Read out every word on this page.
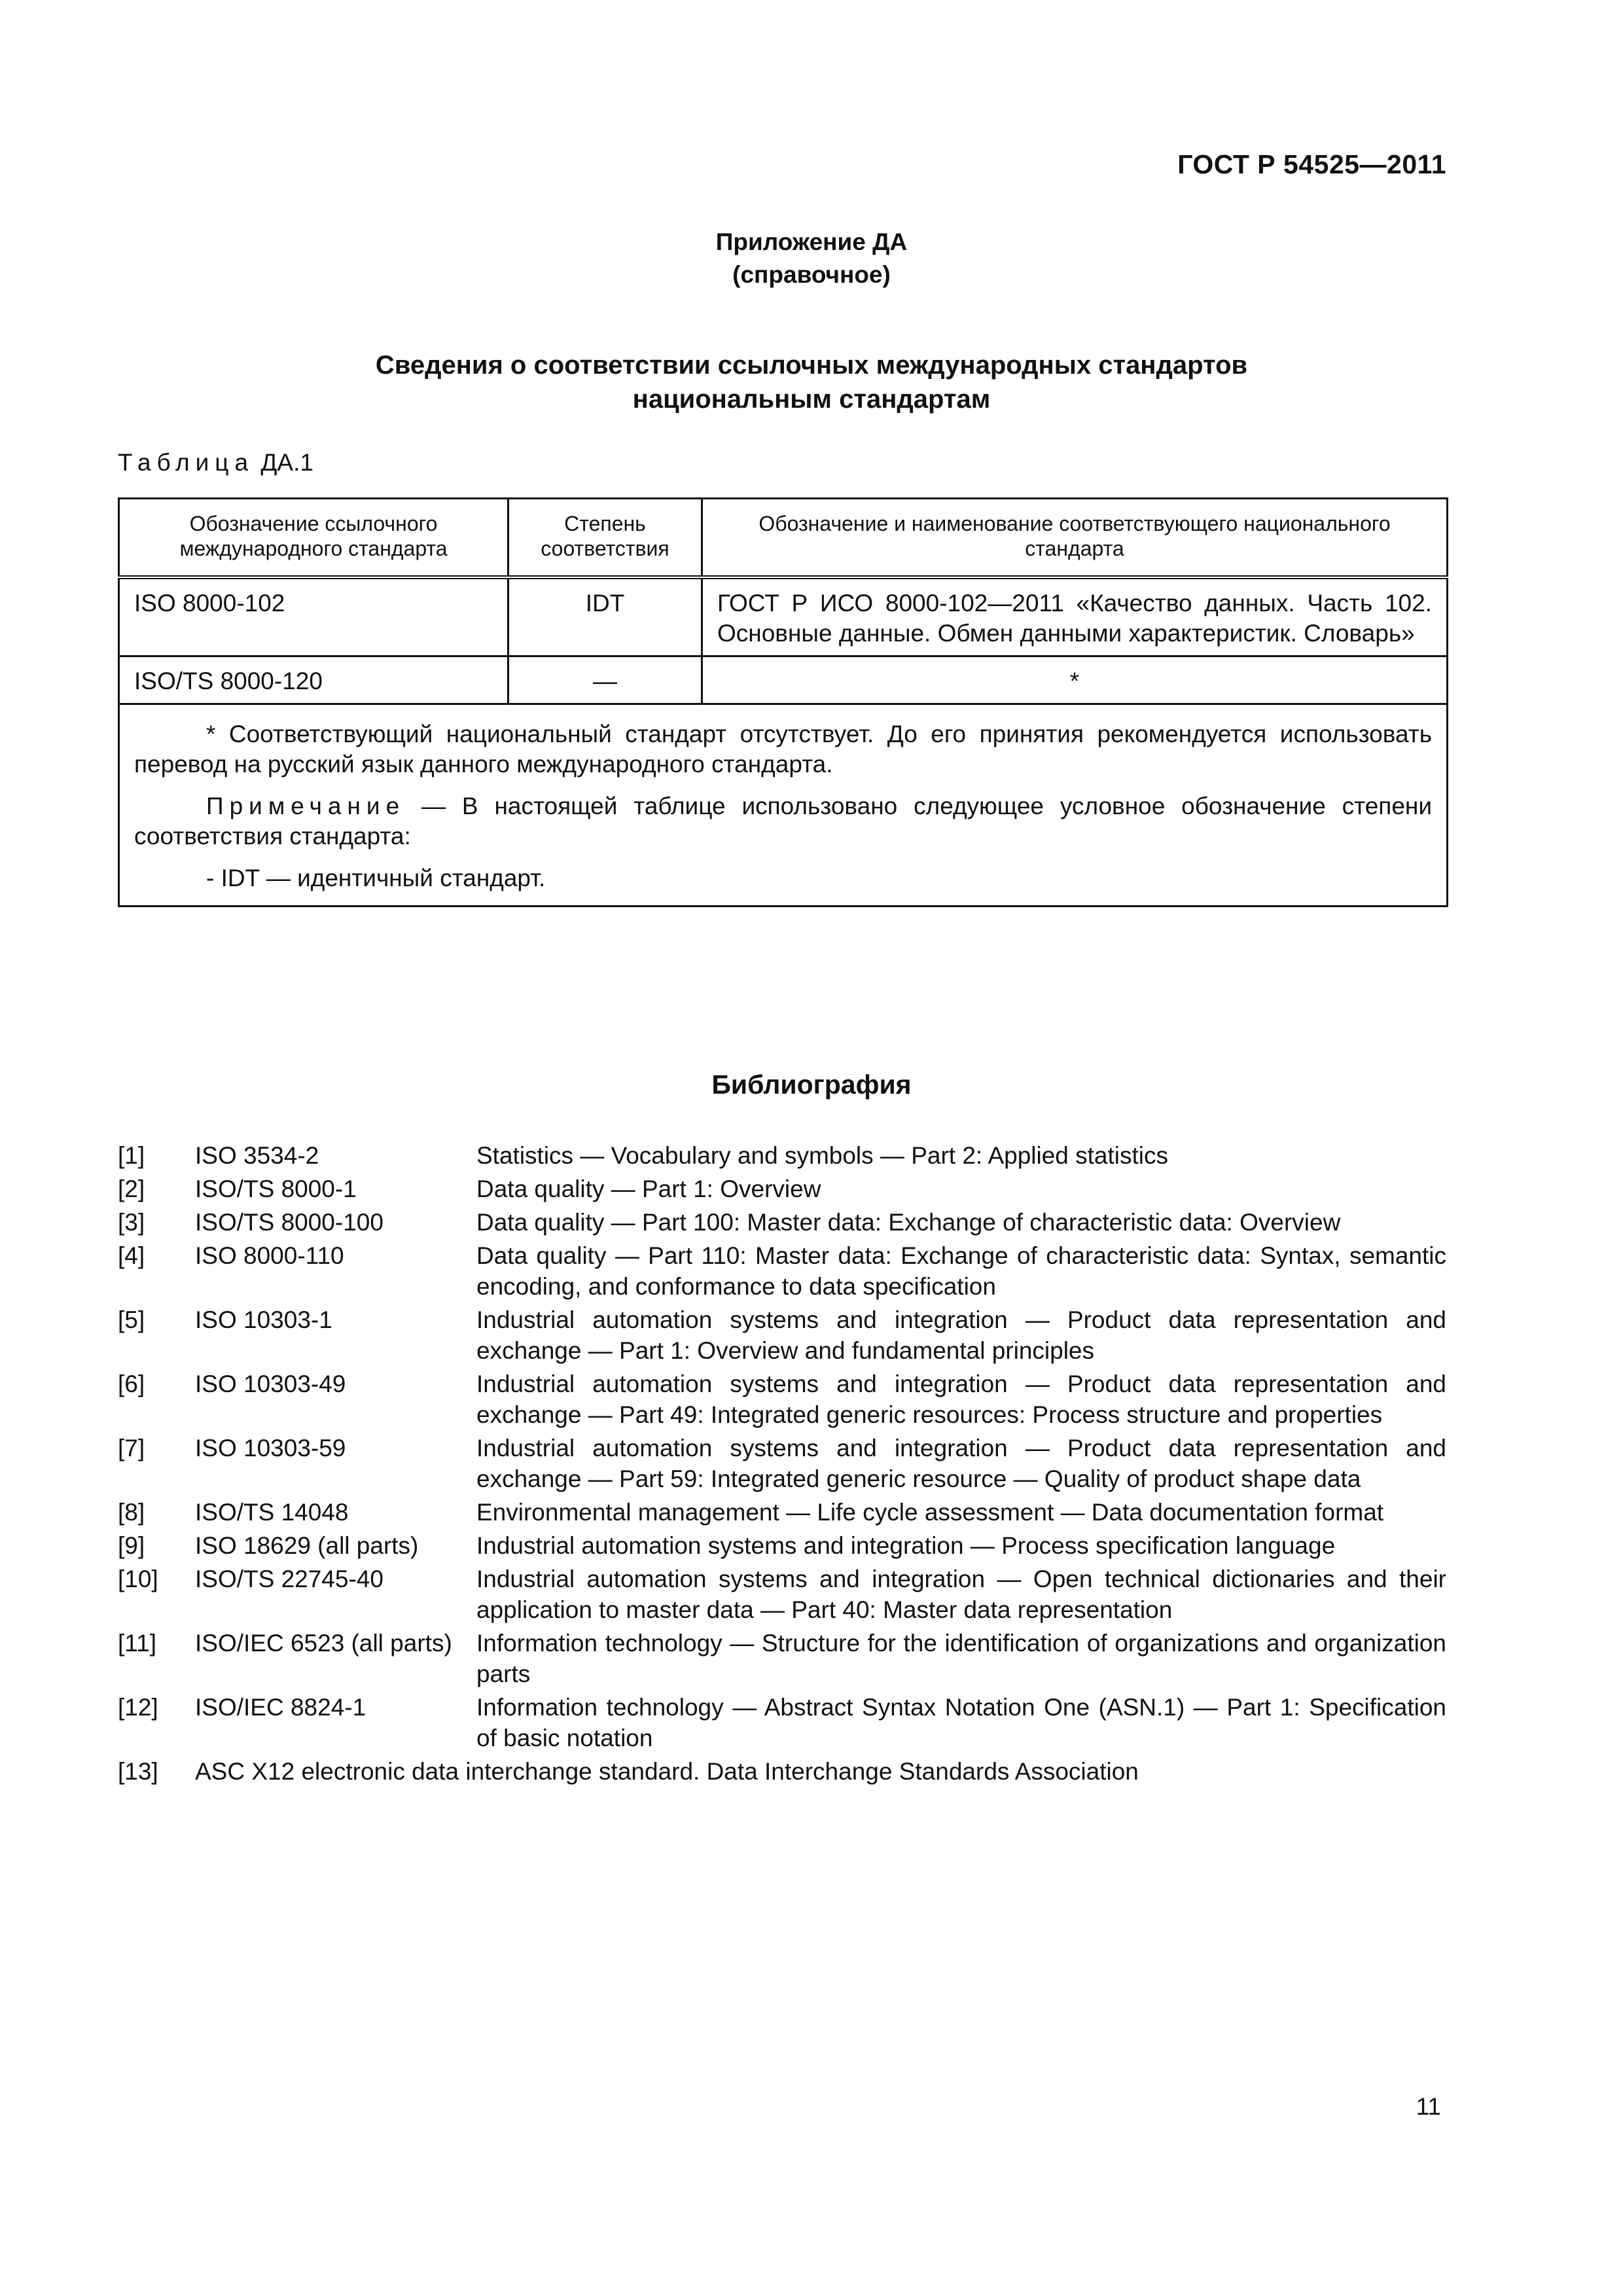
ГОСТ Р 54525—2011
Приложение ДА
(справочное)
Сведения о соответствии ссылочных международных стандартов
национальным стандартам
Таблица ДА.1
Обозначение ссылочного международного стандарта	Степень соответствия	Обозначение и наименование соответствующего национального стандарта
ISO 8000-102	IDT	ГОСТ Р ИСО 8000-102—2011 «Качество данных. Часть 102. Основные данные. Обмен данными характеристик. Словарь»
ISO/TS 8000-120	—	*

* Соответствующий национальный стандарт отсутствует. До его принятия рекомендуется использовать перевод на русский язык данного международного стандарта.

Примечание — В настоящей таблице использовано следующее условное обозначение степени соответствия стандарта:

- IDT — идентичный стандарт.		
Библиография
[1]	ISO 3534-2	Statistics — Vocabulary and symbols — Part 2: Applied statistics
[2]	ISO/TS 8000-1	Data quality — Part 1: Overview
[3]	ISO/TS 8000-100	Data quality — Part 100: Master data: Exchange of characteristic data: Overview
[4]	ISO 8000-110	Data quality — Part 110: Master data: Exchange of characteristic data: Syntax, semantic encoding, and conformance to data specification
[5]	ISO 10303-1	Industrial automation systems and integration — Product data representation and exchange — Part 1: Overview and fundamental principles
[6]	ISO 10303-49	Industrial automation systems and integration — Product data representation and exchange — Part 49: Integrated generic resources: Process structure and properties
[7]	ISO 10303-59	Industrial automation systems and integration — Product data representation and exchange — Part 59: Integrated generic resource — Quality of product shape data
[8]	ISO/TS 14048	Environmental management — Life cycle assessment — Data documentation format
[9]	ISO 18629 (all parts)	Industrial automation systems and integration — Process specification language
[10]	ISO/TS 22745-40	Industrial automation systems and integration — Open technical dictionaries and their application to master data — Part 40: Master data representation
[11]	ISO/IEC 6523 (all parts)	Information technology — Structure for the identification of organizations and organization parts
[12]	ISO/IEC 8824-1	Information technology — Abstract Syntax Notation One (ASN.1) — Part 1: Specification of basic notation
[13]	ASC X12 electronic data interchange standard. Data Interchange Standards Association
11
